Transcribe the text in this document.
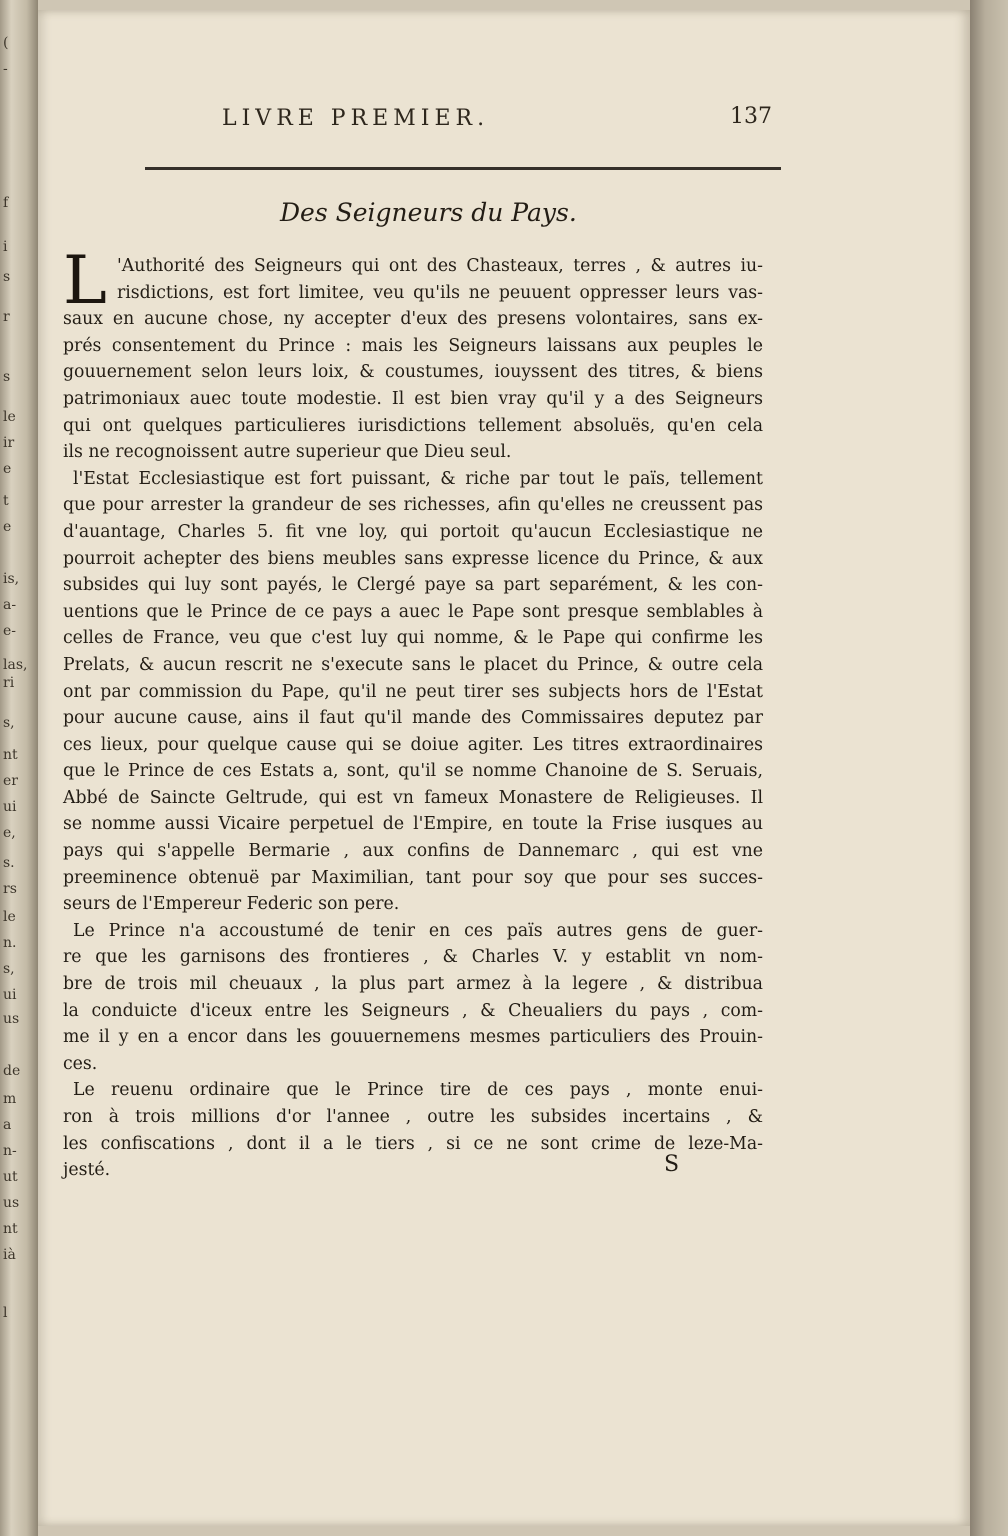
(
-
f
i
s
r
s
le
ir
e
t
e
is,
a-
e-
las,
ri
s,
nt
er
ui
e,
s.
rs
le
n.
s,
ui
us
de
m
a
n-
ut
us
nt
ià
l
LIVRE PREMIER.	137
Des Seigneurs du Pays.
L 'Authorité des Seigneurs qui ont des Chasteaux, terres , & autres iu-
risdictions, est fort limitee, veu qu'ils ne peuuent oppresser leurs vas-
saux en aucune chose, ny accepter d'eux des presens volontaires, sans ex-
prés consentement du Prince : mais les Seigneurs laissans aux peuples le
gouuernement selon leurs loix, & coustumes, iouyssent des titres, & biens
patrimoniaux auec toute modestie. Il est bien vray qu'il y a des Seigneurs
qui ont quelques particulieres iurisdictions tellement absoluës, qu'en cela
ils ne recognoissent autre superieur que Dieu seul.
l'Estat Ecclesiastique est fort puissant, & riche par tout le païs, tellement
que pour arrester la grandeur de ses richesses, afin qu'elles ne creussent pas
d'auantage, Charles 5. fit vne loy, qui portoit qu'aucun Ecclesiastique ne
pourroit achepter des biens meubles sans expresse licence du Prince, & aux
subsides qui luy sont payés, le Clergé paye sa part separément, & les con-
uentions que le Prince de ce pays a auec le Pape sont presque semblables à
celles de France, veu que c'est luy qui nomme, & le Pape qui confirme les
Prelats, & aucun rescrit ne s'execute sans le placet du Prince, & outre cela
ont par commission du Pape, qu'il ne peut tirer ses subjects hors de l'Estat
pour aucune cause, ains il faut qu'il mande des Commissaires deputez par
ces lieux, pour quelque cause qui se doiue agiter. Les titres extraordinaires
que le Prince de ces Estats a, sont, qu'il se nomme Chanoine de S. Seruais,
Abbé de Saincte Geltrude, qui est vn fameux Monastere de Religieuses. Il
se nomme aussi Vicaire perpetuel de l'Empire, en toute la Frise iusques au
pays qui s'appelle Bermarie , aux confins de Dannemarc , qui est vne
preeminence obtenuë par Maximilian, tant pour soy que pour ses succes-
seurs de l'Empereur Federic son pere.
Le Prince n'a accoustumé de tenir en ces païs autres gens de guer-
re que les garnisons des frontieres , & Charles V. y establit vn nom-
bre de trois mil cheuaux , la plus part armez à la legere , & distribua
la conduicte d'iceux entre les Seigneurs , & Cheualiers du pays , com-
me il y en a encor dans les gouuernemens mesmes particuliers des Prouin-
ces.
Le reuenu ordinaire que le Prince tire de ces pays , monte enui-
ron à trois millions d'or l'annee , outre les subsides incertains , &
les confiscations , dont il a le tiers , si ce ne sont crime de leze-Ma-
jesté.	S
